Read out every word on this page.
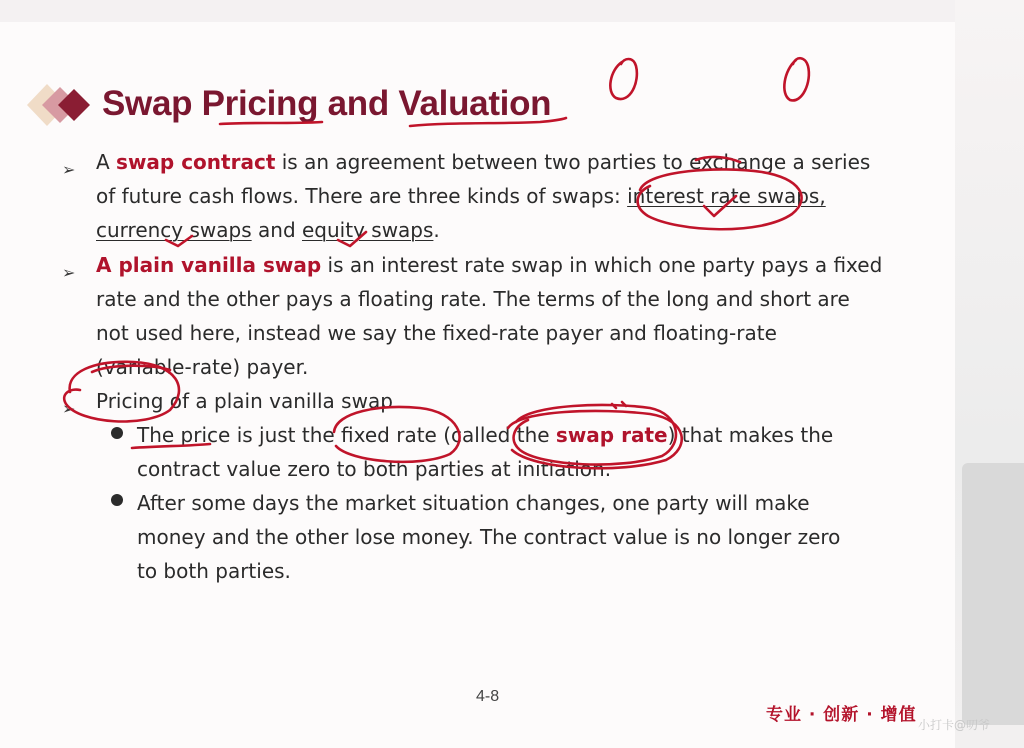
Swap Pricing and Valuation
➢ A swap contract is an agreement between two parties to exchange a series
of future cash flows. There are three kinds of swaps: interest rate swaps,
currency swaps and equity swaps.
➢ A plain vanilla swap is an interest rate swap in which one party pays a fixed
rate and the other pays a floating rate. The terms of the long and short are
not used here, instead we say the fixed-rate payer and floating-rate
(variable-rate) payer.
➢ Pricing of a plain vanilla swap
The price is just the fixed rate (called the swap rate) that makes the
contract value zero to both parties at initiation.
After some days the market situation changes, one party will make
money and the other lose money. The contract value is no longer zero
to both parties.
4-8
专业 · 创新 · 增值 小打卡@叨爷
